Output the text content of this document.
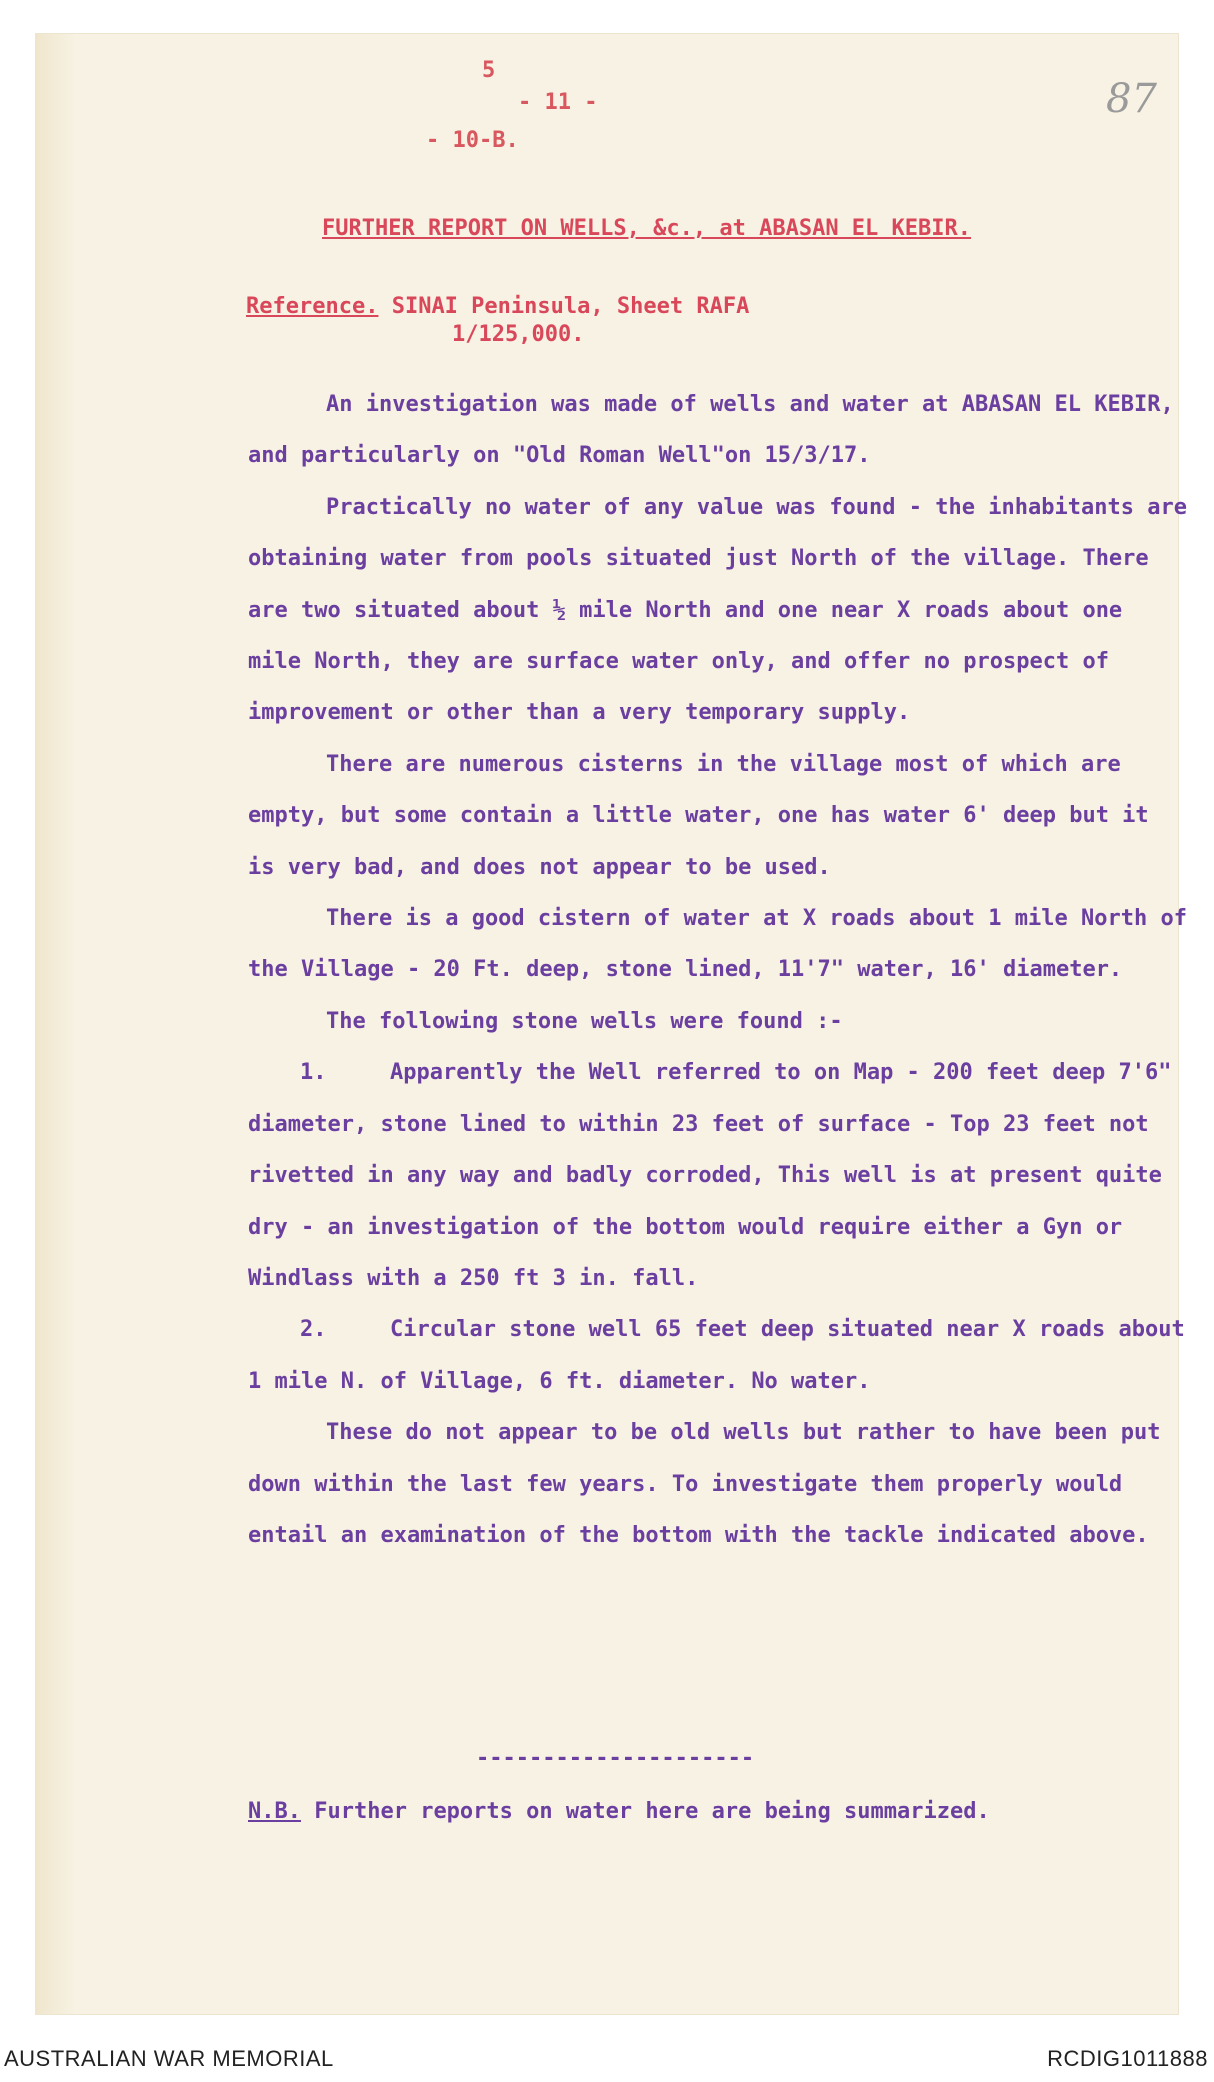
5
- 11 -
- 10-B.
87
FURTHER REPORT ON WELLS, &c., at ABASAN EL KEBIR.
Reference. SINAI Peninsula, Sheet RAFA
1/125,000.

An investigation was made of wells and water at ABASAN EL KEBIR, and particularly on "Old Roman Well"on 15/3/17.

Practically no water of any value was found - the inhabitants are obtaining water from pools situated just North of the village. There are two situated about ½ mile North and one near X roads about one mile North, they are surface water only, and offer no prospect of improvement or other than a very temporary supply.

There are numerous cisterns in the village most of which are empty, but some contain a little water, one has water 6' deep but it is very bad, and does not appear to be used.

There is a good cistern of water at X roads about 1 mile North of the Village - 20 Ft. deep, stone lined, 11'7" water, 16' diameter.

The following stone wells were found :-

1.	Apparently the Well referred to on Map - 200 feet deep 7'6" diameter, stone lined to within 23 feet of surface - Top 23 feet not rivetted in any way and badly corroded, This well is at present quite dry - an investigation of the bottom would require either a Gyn or Windlass with a 250 ft 3 in. fall.

2.	Circular stone well 65 feet deep situated near X roads about 1 mile N. of Village, 6 ft. diameter. No water.

These do not appear to be old wells but rather to have been put down within the last few years. To investigate them properly would entail an examination of the bottom with the tackle indicated above.

---------------------
N.B. Further reports on water here are being summarized.
AUSTRALIAN WAR MEMORIAL	RCDIG1011888
